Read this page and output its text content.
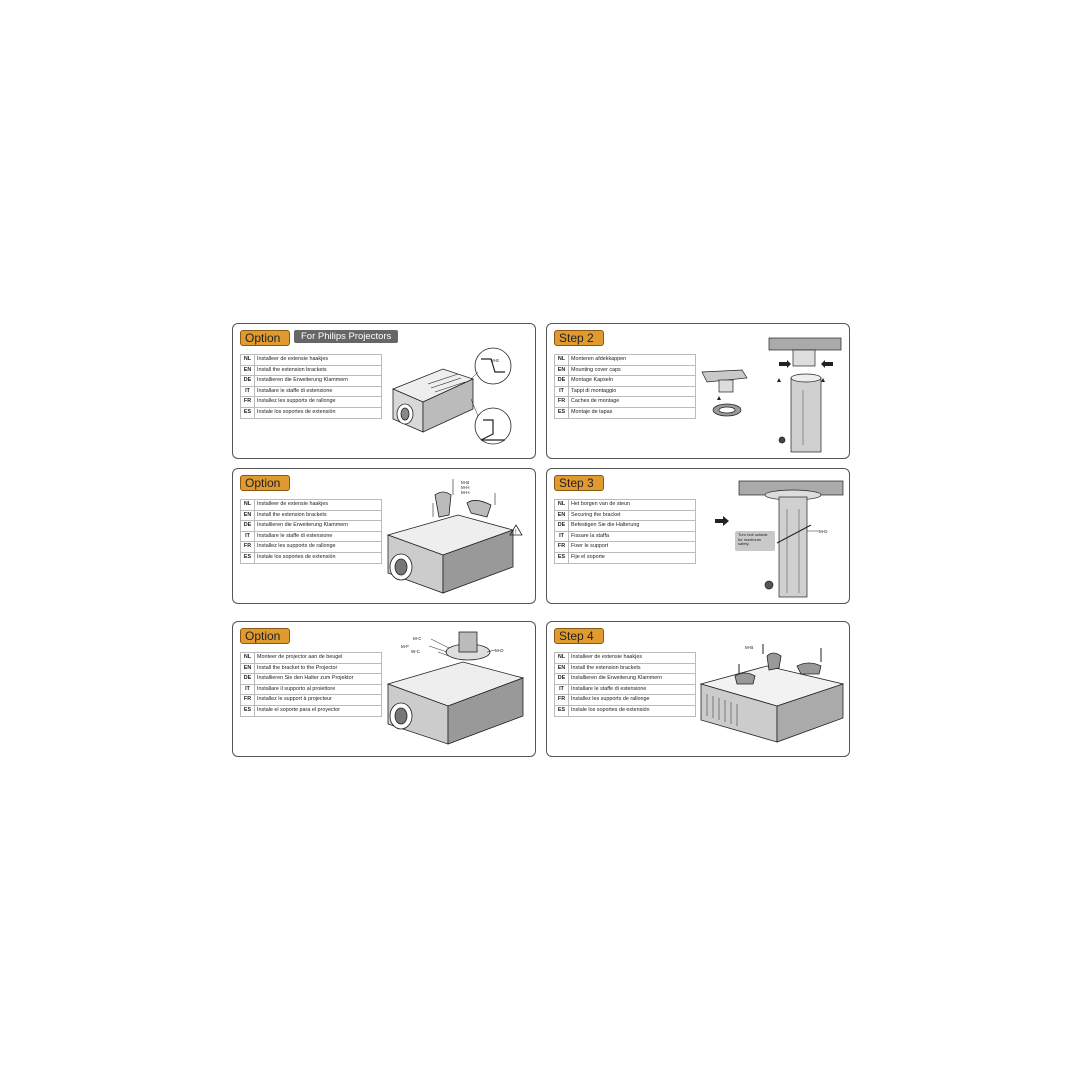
Option	For Philips Projectors
NL	Installeer de extensie haakjes
EN	Install the extension brackets
DE	Installieren die Erweiterung Klammern
IT	Installare le staffe di estensione
FR	Installez les supports de rallonge
ES	Instale los soportes de extensión
M-E
Step 2
NL	Monteren afdekkappen
EN	Mounting cover caps
DE	Montage Kapseln
IT	Tappi di montaggio
FR	Caches de montage
ES	Montaje de tapas
Option
NL	Installeer de extensie haakjes
EN	Install the extension brackets
DE	Installieren die Erweiterung Klammern
IT	Installare le staffe di estensione
FR	Installez les supports de rallonge
ES	Instale los soportes de extensión
!
M-B
M-H
M-H
Step 3
NL	Het borgen van de steun
EN	Securing the bracket
DE	Befestigen Sie die Halterung
IT	Fissare la staffa
FR	Fixer le support
ES	Fije el soporte
M-D
Turn bolt outside for maximum safety.
Option
NL	Monteer de projector aan de beugel
EN	Install the bracket to the Projector
DE	Installieren Sie den Halter zum Projektor
IT	Installare il supporto al proiettore
FR	Installez le support à projecteur
ES	Instale el soporte para el proyector
M-C
M-F
W-C	M-D
Step 4
NL	Installeer de extensie haakjes
EN	Install the extension brackets
DE	Installieren die Erweiterung Klammern
IT	Installare le staffe di estensione
FR	Installez les supports de rallonge
ES	Instale los soportes de extensión
M-B
